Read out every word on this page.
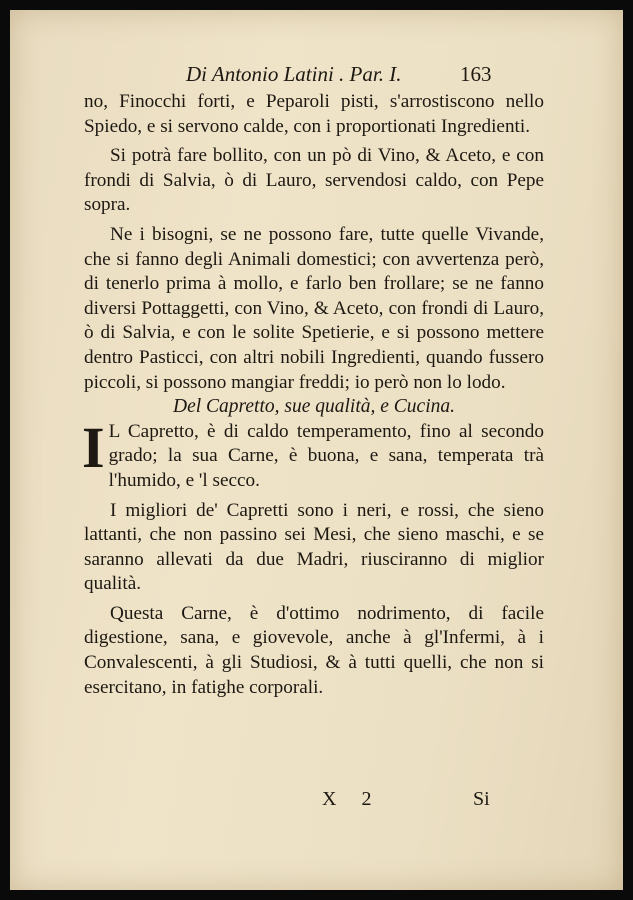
Di Antonio Latini . Par. I.	163

no, Finocchi forti, e Peparoli pisti, s'arrostiscono nello Spiedo, e si servono calde, con i proportionati Ingredienti.

Si potrà fare bollito, con un pò di Vino, & Aceto, e con frondi di Salvia, ò di Lauro, servendosi caldo, con Pepe sopra.

Ne i bisogni, se ne possono fare, tutte quelle Vivande, che si fanno degli Animali domestici; con avvertenza però, di tenerlo prima à mollo, e farlo ben frollare; se ne fanno diversi Pottaggetti, con Vino, & Aceto, con frondi di Lauro, ò di Salvia, e con le solite Spetierie, e si possono mettere dentro Pasticci, con altri nobili Ingredienti, quando fussero piccoli, si possono mangiar freddi; io però non lo lodo.

Del Capretto, sue qualità, e Cucina.

I L Capretto, è di caldo temperamento, fino al secondo grado; la sua Carne, è buona, e sana, temperata trà l'humido, e 'l secco.

I migliori de' Capretti sono i neri, e rossi, che sieno lattanti, che non passino sei Mesi, che sieno maschi, e se saranno allevati da due Madri, riusciranno di miglior qualità.

Questa Carne, è d'ottimo nodrimento, di facile digestione, sana, e giovevole, anche à gl'Infermi, à i Convalescenti, à gli Studiosi, & à tutti quelli, che non si esercitano, in fatighe corporali.

X 2	Si
